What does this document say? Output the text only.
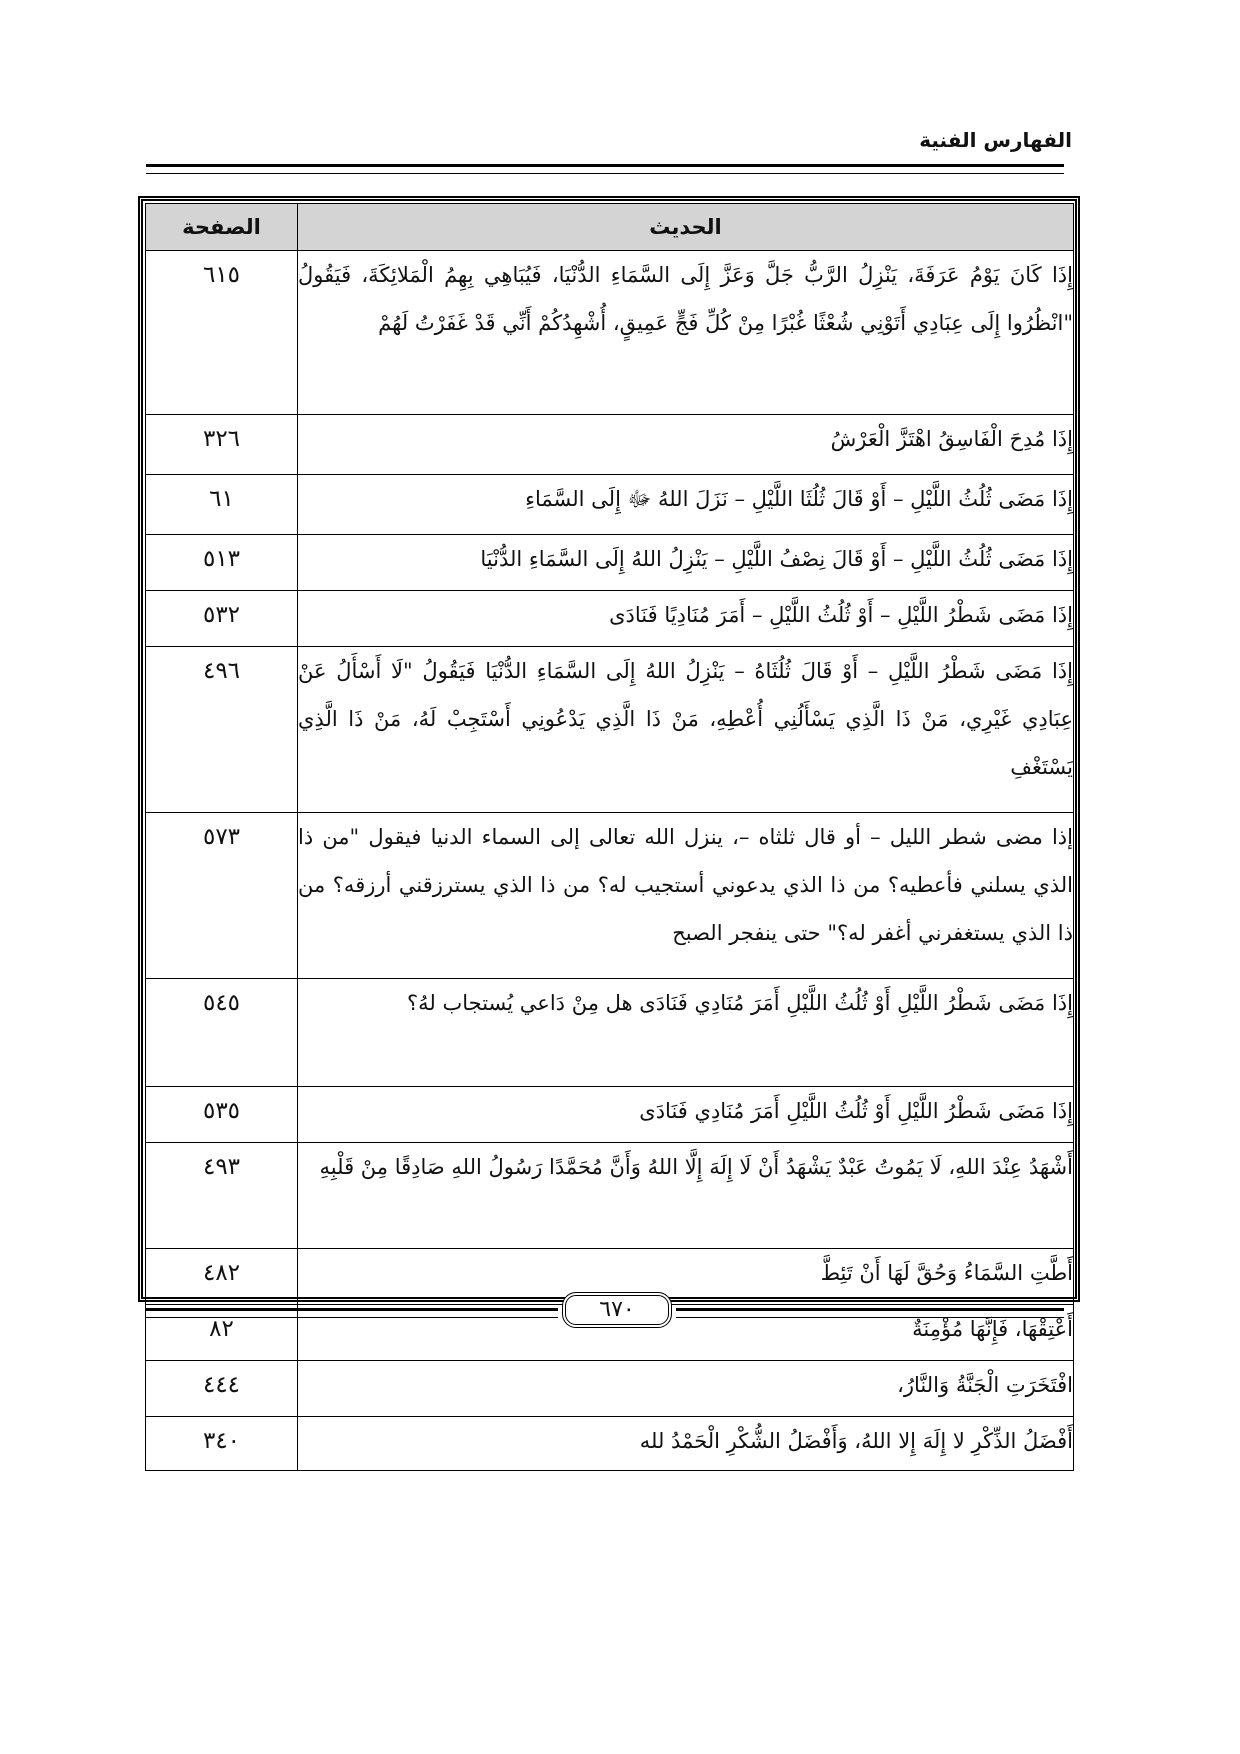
الفهارس الفنية
الحديث	الصفحة
إِذَا كَانَ يَوْمُ عَرَفَةَ، يَنْزِلُ الرَّبُّ جَلَّ وَعَزَّ إِلَى السَّمَاءِ الدُّنْيَا، فَيُبَاهِي بِهِمُ الْمَلائِكَةَ، فَيَقُولُ "انْظُرُوا إِلَى عِبَادِي أَتَوْنِي شُعْثًا غُبْرًا مِنْ كُلِّ فَجٍّ عَمِيقٍ، أُشْهِدُكُمْ أَنِّي قَدْ غَفَرْتُ لَهُمْ	٦١٥
إِذَا مُدِحَ الْفَاسِقُ اهْتَزَّ الْعَرْشُ	٣٢٦
إِذَا مَضَى ثُلُثُ اللَّيْلِ – أَوْ قَالَ ثُلُثَا اللَّيْلِ – نَزَلَ اللهُ ﷻ إِلَى السَّمَاءِ	٦١
إِذَا مَضَى ثُلُثُ اللَّيْلِ – أَوْ قَالَ نِصْفُ اللَّيْلِ – يَنْزِلُ اللهُ إِلَى السَّمَاءِ الدُّنْيَا	٥١٣
إِذَا مَضَى شَطْرُ اللَّيْلِ – أَوْ ثُلُثُ اللَّيْلِ – أَمَرَ مُنَادِيًا فَنَادَى	٥٣٢
إِذَا مَضَى شَطْرُ اللَّيْلِ – أَوْ قَالَ ثُلُثَاهُ – يَنْزِلُ اللهُ إِلَى السَّمَاءِ الدُّنْيَا فَيَقُولُ "لَا أَسْأَلُ عَنْ عِبَادِي غَيْرِي، مَنْ ذَا الَّذِي يَسْأَلُنِي أُعْطِهِ، مَنْ ذَا الَّذِي يَدْعُونِي أَسْتَجِبْ لَهُ، مَنْ ذَا الَّذِي يَسْتَغْفِ	٤٩٦
إذا مضى شطر الليل – أو قال ثلثاه –، ينزل الله تعالى إلى السماء الدنيا فيقول "من ذا الذي يسلني فأعطيه؟ من ذا الذي يدعوني أستجيب له؟ من ذا الذي يسترزقني أرزقه؟ من ذا الذي يستغفرني أغفر له؟" حتى ينفجر الصبح	٥٧٣
إِذَا مَضَى شَطْرُ اللَّيْلِ أَوْ ثُلُثُ اللَّيْلِ أَمَرَ مُنَادِي فَنَادَى هل مِنْ دَاعي يُستجاب لهُ؟	٥٤٥
إِذَا مَضَى شَطْرُ اللَّيْلِ أَوْ ثُلُثُ اللَّيْلِ أَمَرَ مُنَادِي فَنَادَى	٥٣٥
أَشْهَدُ عِنْدَ اللهِ، لَا يَمُوتُ عَبْدٌ يَشْهَدُ أَنْ لَا إِلَهَ إِلَّا اللهُ وَأَنَّ مُحَمَّدًا رَسُولُ اللهِ صَادِقًا مِنْ قَلْبِهِ	٤٩٣
أَطَّتِ السَّمَاءُ وَحُقَّ لَهَا أَنْ تَئِطَّ	٤٨٢
أَعْتِقْهَا، فَإِنَّهَا مُؤْمِنَةٌ	٨٢
افْتَخَرَتِ الْجَنَّةُ وَالنَّارُ،	٤٤٤
أَفْضَلُ الذِّكْرِ لا إِلَهَ إِلا اللهُ، وَأَفْضَلُ الشُّكْرِ الْحَمْدُ لله	٣٤٠
٦٧٠
